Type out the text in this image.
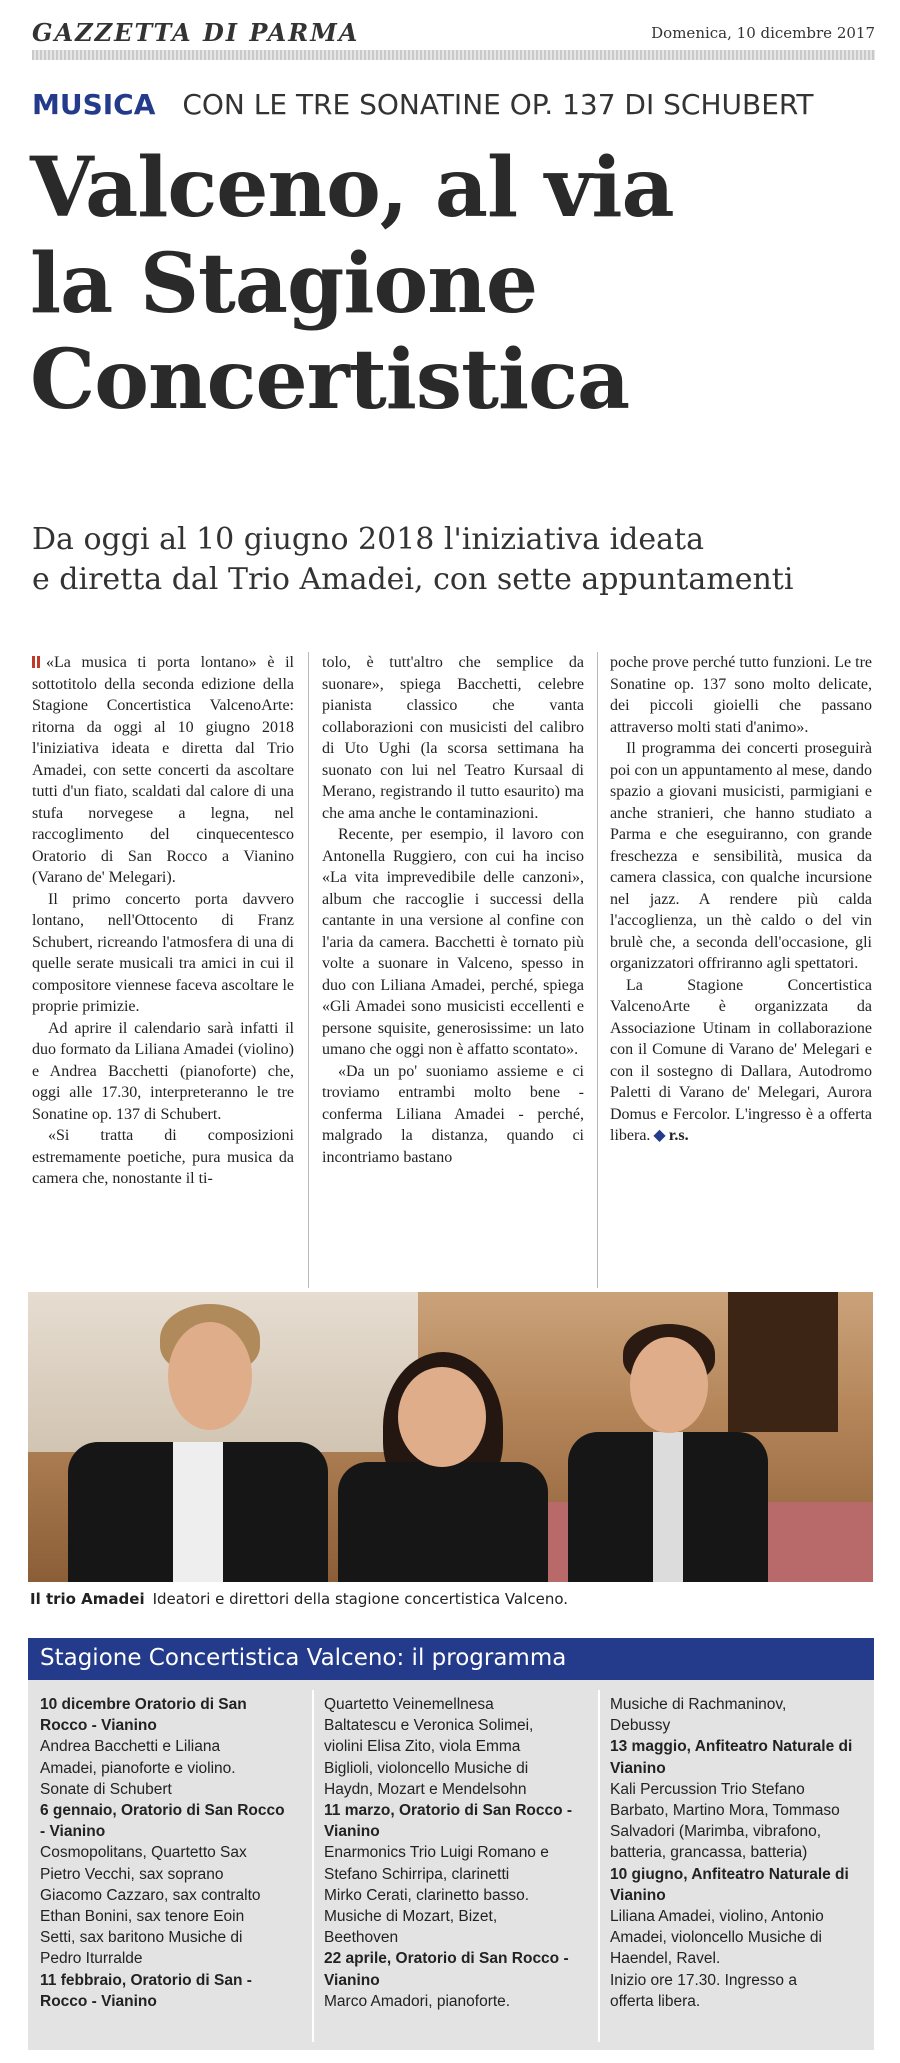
GAZZETTA DI PARMA	Domenica, 10 dicembre 2017
MUSICA CON LE TRE SONATINE OP. 137 DI SCHUBERT
Valceno, al via
la Stagione
Concertistica
Da oggi al 10 giugno 2018 l'iniziativa ideata
e diretta dal Trio Amadei, con sette appuntamenti

«La musica ti porta lontano» è il sottotitolo della seconda edizione della Stagione Concertistica ValcenoArte: ritorna da oggi al 10 giugno 2018 l'iniziativa ideata e diretta dal Trio Amadei, con sette concerti da ascoltare tutti d'un fiato, scaldati dal calore di una stufa norvegese a legna, nel raccoglimento del cinquecentesco Oratorio di San Rocco a Vianino (Varano de' Melegari).

Il primo concerto porta davvero lontano, nell'Ottocento di Franz Schubert, ricreando l'atmosfera di una di quelle serate musicali tra amici in cui il compositore viennese faceva ascoltare le proprie primizie.

Ad aprire il calendario sarà infatti il duo formato da Liliana Amadei (violino) e Andrea Bacchetti (pianoforte) che, oggi alle 17.30, interpreteranno le tre Sonatine op. 137 di Schubert.

«Si tratta di composizioni estremamente poetiche, pura musica da camera che, nonostante il ti-

tolo, è tutt'altro che semplice da suonare», spiega Bacchetti, celebre pianista classico che vanta collaborazioni con musicisti del calibro di Uto Ughi (la scorsa settimana ha suonato con lui nel Teatro Kursaal di Merano, registrando il tutto esaurito) ma che ama anche le contaminazioni.

Recente, per esempio, il lavoro con Antonella Ruggiero, con cui ha inciso «La vita imprevedibile delle canzoni», album che raccoglie i successi della cantante in una versione al confine con l'aria da camera. Bacchetti è tornato più volte a suonare in Valceno, spesso in duo con Liliana Amadei, perché, spiega «Gli Amadei sono musicisti eccellenti e persone squisite, generosissime: un lato umano che oggi non è affatto scontato».

«Da un po' suoniamo assieme e ci troviamo entrambi molto bene - conferma Liliana Amadei - perché, malgrado la distanza, quando ci incontriamo bastano

poche prove perché tutto funzioni. Le tre Sonatine op. 137 sono molto delicate, dei piccoli gioielli che passano attraverso molti stati d'animo».

Il programma dei concerti proseguirà poi con un appuntamento al mese, dando spazio a giovani musicisti, parmigiani e anche stranieri, che hanno studiato a Parma e che eseguiranno, con grande freschezza e sensibilità, musica da camera classica, con qualche incursione nel jazz. A rendere più calda l'accoglienza, un thè caldo o del vin brulè che, a seconda dell'occasione, gli organizzatori offriranno agli spettatori.

La Stagione Concertistica ValcenoArte è organizzata da Associazione Utinam in collaborazione con il Comune di Varano de' Melegari e con il sostegno di Dallara, Autodromo Paletti di Varano de' Melegari, Aurora Domus e Fercolor. L'ingresso è a offerta libera. ◆ r.s.

Il trio Amadei Ideatori e direttori della stagione concertistica Valceno.
Stagione Concertistica Valceno: il programma
10 dicembre Oratorio di San
Rocco - Vianino
Andrea Bacchetti e Liliana
Amadei, pianoforte e violino.
Sonate di Schubert
6 gennaio, Oratorio di San Rocco
- Vianino
Cosmopolitans, Quartetto Sax
Pietro Vecchi, sax soprano
Giacomo Cazzaro, sax contralto
Ethan Bonini, sax tenore Eoin
Setti, sax baritono Musiche di
Pedro Iturralde
11 febbraio, Oratorio di San -
Rocco - Vianino
Quartetto Veinemellnesa
Baltatescu e Veronica Solimei,
violini Elisa Zito, viola Emma
Biglioli, violoncello Musiche di
Haydn, Mozart e Mendelsohn
11 marzo, Oratorio di San Rocco -
Vianino
Enarmonics Trio Luigi Romano e
Stefano Schirripa, clarinetti
Mirko Cerati, clarinetto basso.
Musiche di Mozart, Bizet,
Beethoven
22 aprile, Oratorio di San Rocco -
Vianino
Marco Amadori, pianoforte.
Musiche di Rachmaninov,
Debussy
13 maggio, Anfiteatro Naturale di
Vianino
Kali Percussion Trio Stefano
Barbato, Martino Mora, Tommaso
Salvadori (Marimba, vibrafono,
batteria, grancassa, batteria)
10 giugno, Anfiteatro Naturale di
Vianino
Liliana Amadei, violino, Antonio
Amadei, violoncello Musiche di
Haendel, Ravel.
Inizio ore 17.30. Ingresso a
offerta libera.
